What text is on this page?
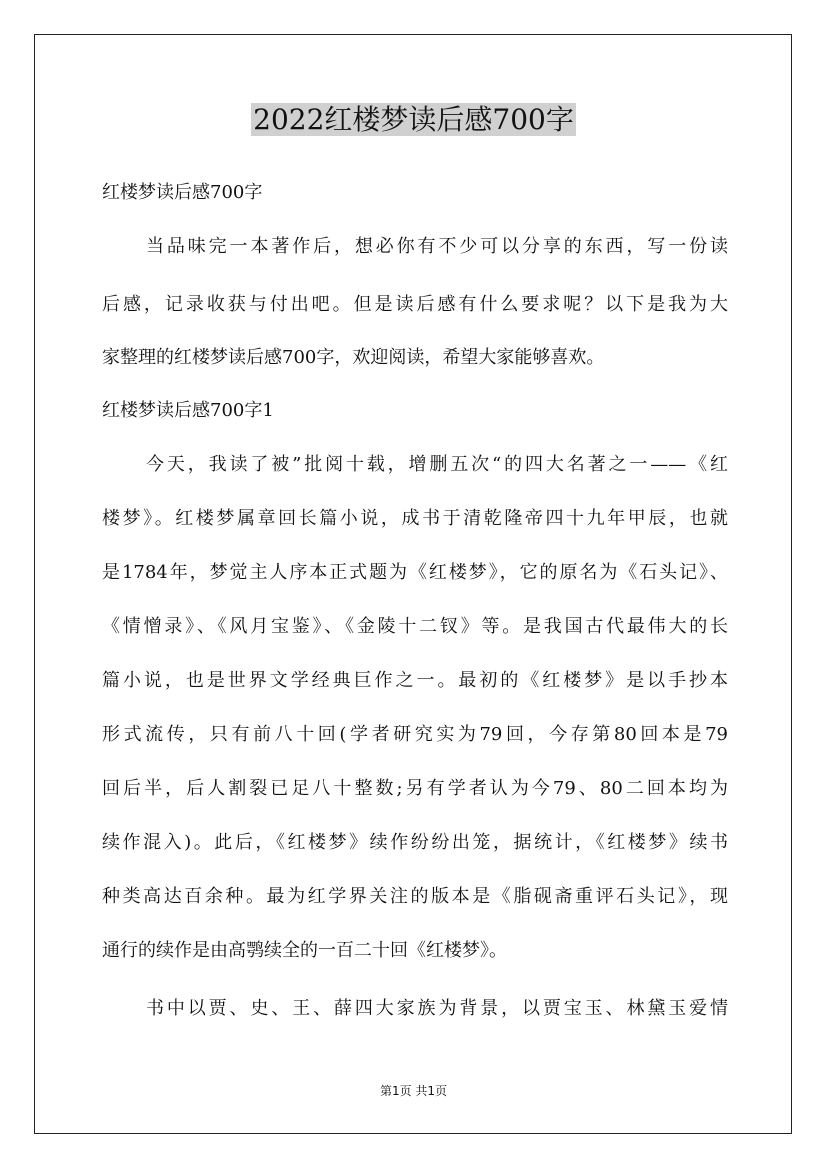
2022红楼梦读后感700字

红楼梦读后感700字

当品味完一本著作后，想必你有不少可以分享的东西，写一份读

后感，记录收获与付出吧。但是读后感有什么要求呢？以下是我为大

家整理的红楼梦读后感700字，欢迎阅读，希望大家能够喜欢。

红楼梦读后感700字1

今天，我读了被”批阅十载，增删五次“的四大名著之一——《红

楼梦》。红楼梦属章回长篇小说，成书于清乾隆帝四十九年甲辰，也就

是1784年，梦觉主人序本正式题为《红楼梦》，它的原名为《石头记》、

《情憎录》、《风月宝鉴》、《金陵十二钗》等。是我国古代最伟大的长

篇小说，也是世界文学经典巨作之一。最初的《红楼梦》是以手抄本

形式流传，只有前八十回(学者研究实为79回，今存第80回本是79

回后半，后人割裂已足八十整数;另有学者认为今79、80二回本均为

续作混入)。此后，《红楼梦》续作纷纷出笼，据统计，《红楼梦》续书

种类高达百余种。最为红学界关注的版本是《脂砚斋重评石头记》，现

通行的续作是由高鹗续全的一百二十回《红楼梦》。

书中以贾、史、王、薛四大家族为背景，以贾宝玉、林黛玉爱情

第1页 共1页
